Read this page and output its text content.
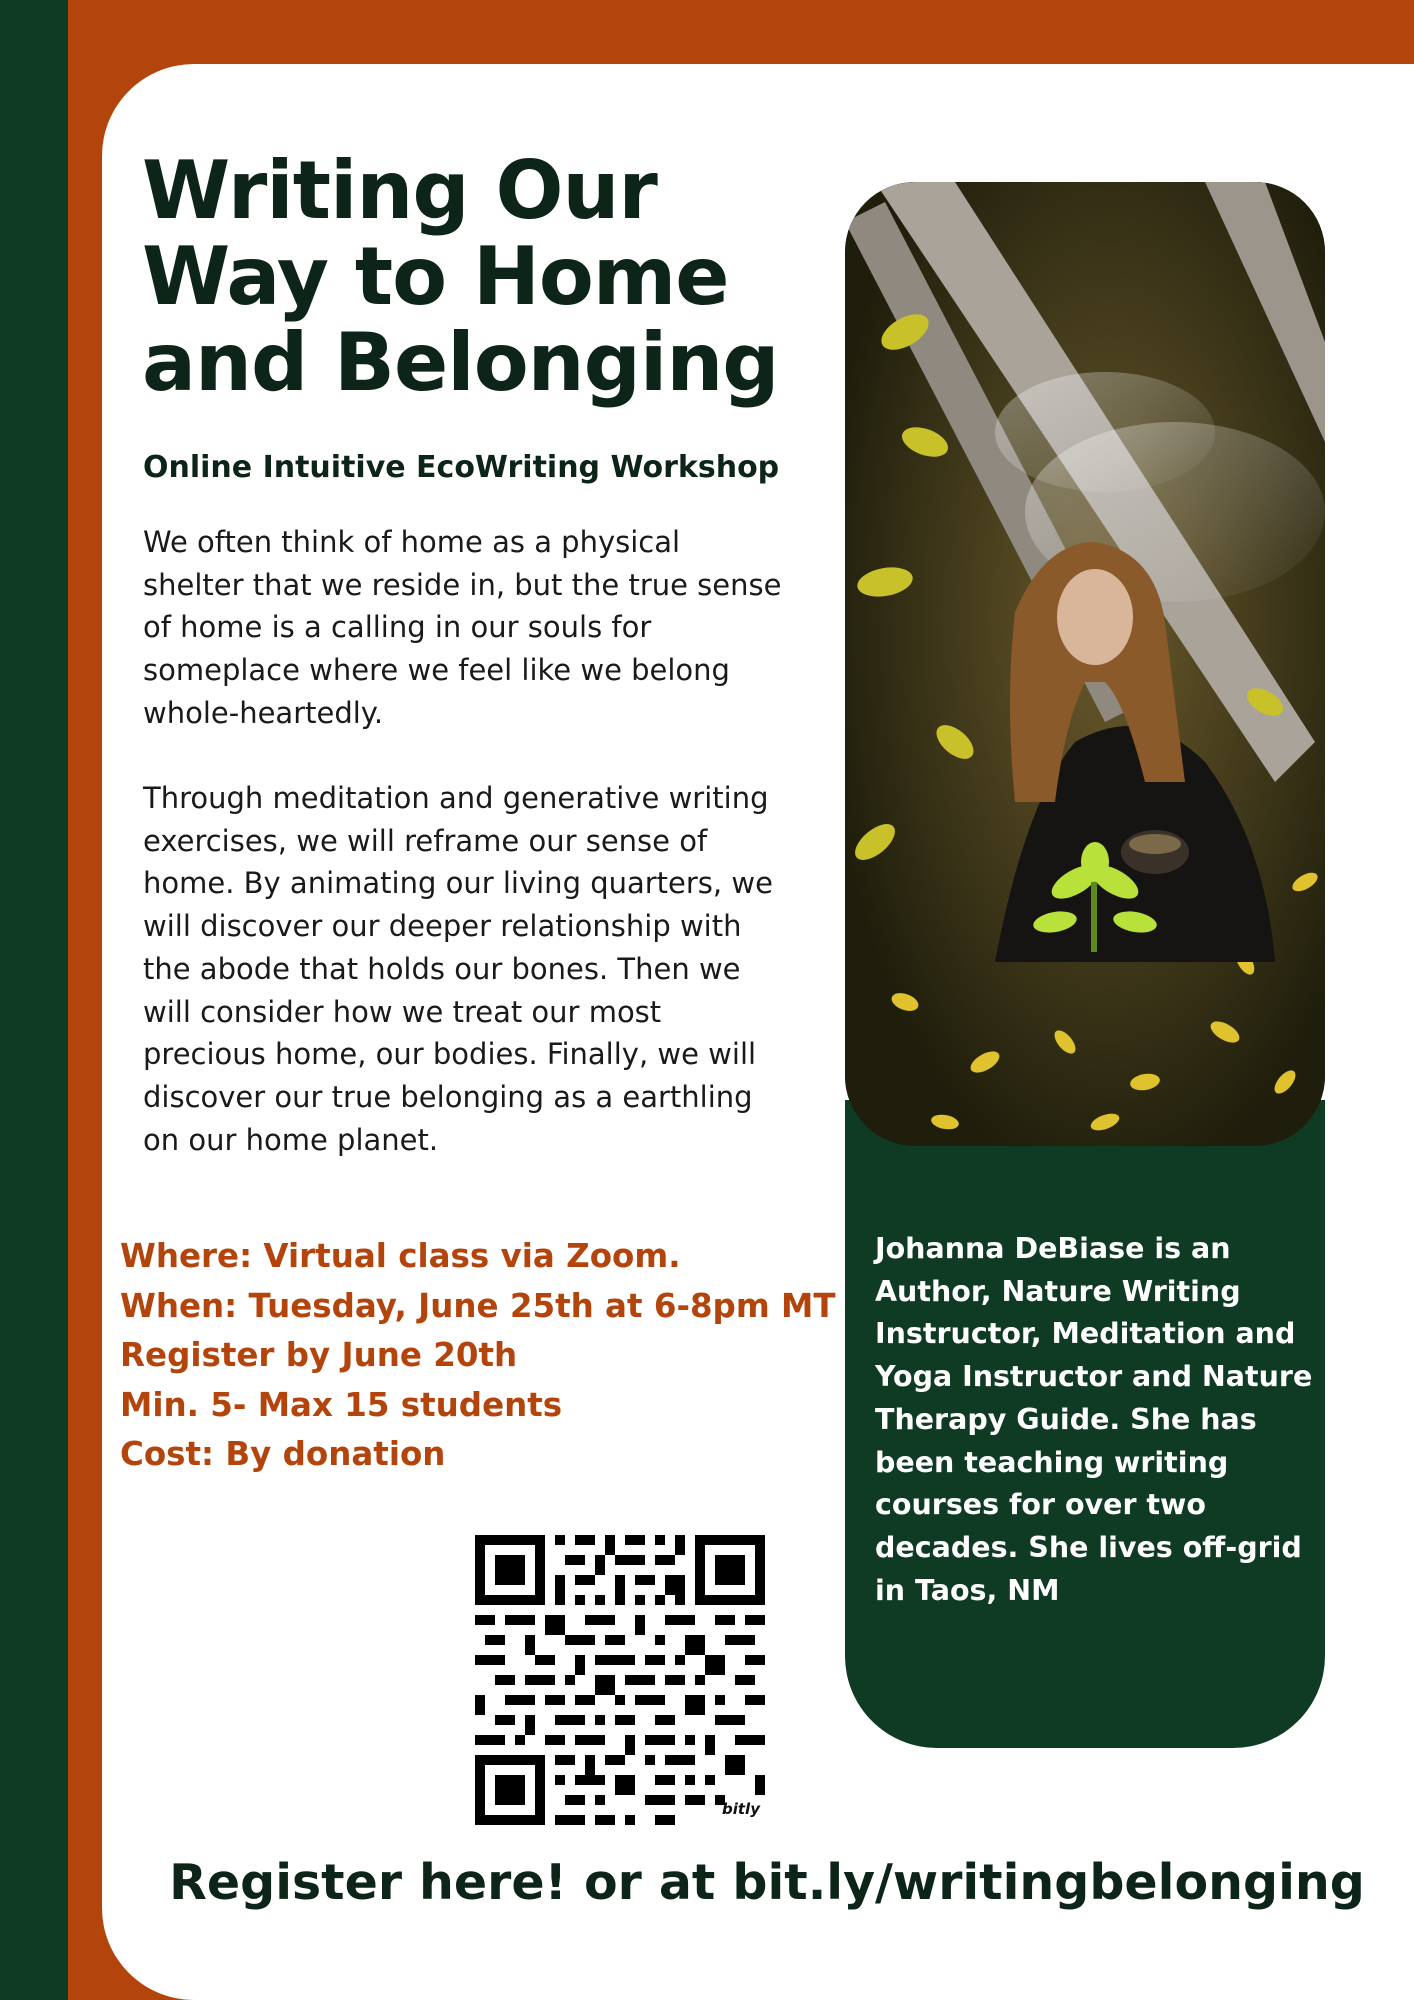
Writing Our
Way to Home
and Belonging
Online Intuitive EcoWriting Workshop

We often think of home as a physical shelter that we reside in, but the true sense of home is a calling in our souls for someplace where we feel like we belong whole-heartedly.

Through meditation and generative writing exercises, we will reframe our sense of home. By animating our living quarters, we will discover our deeper relationship with the abode that holds our bones. Then we will consider how we treat our most precious home, our bodies. Finally, we will discover our true belonging as a earthling on our home planet.

Where: Virtual class via Zoom.
When: Tuesday, June 25th at 6-8pm MT
Register by June 20th
Min. 5- Max 15 students
Cost: By donation

Johanna DeBiase is an Author, Nature Writing Instructor, Meditation and Yoga Instructor and Nature Therapy Guide. She has been teaching writing courses for over two decades. She lives off-grid in Taos, NM

bitly
Register here! or at bit.ly/writingbelonging
